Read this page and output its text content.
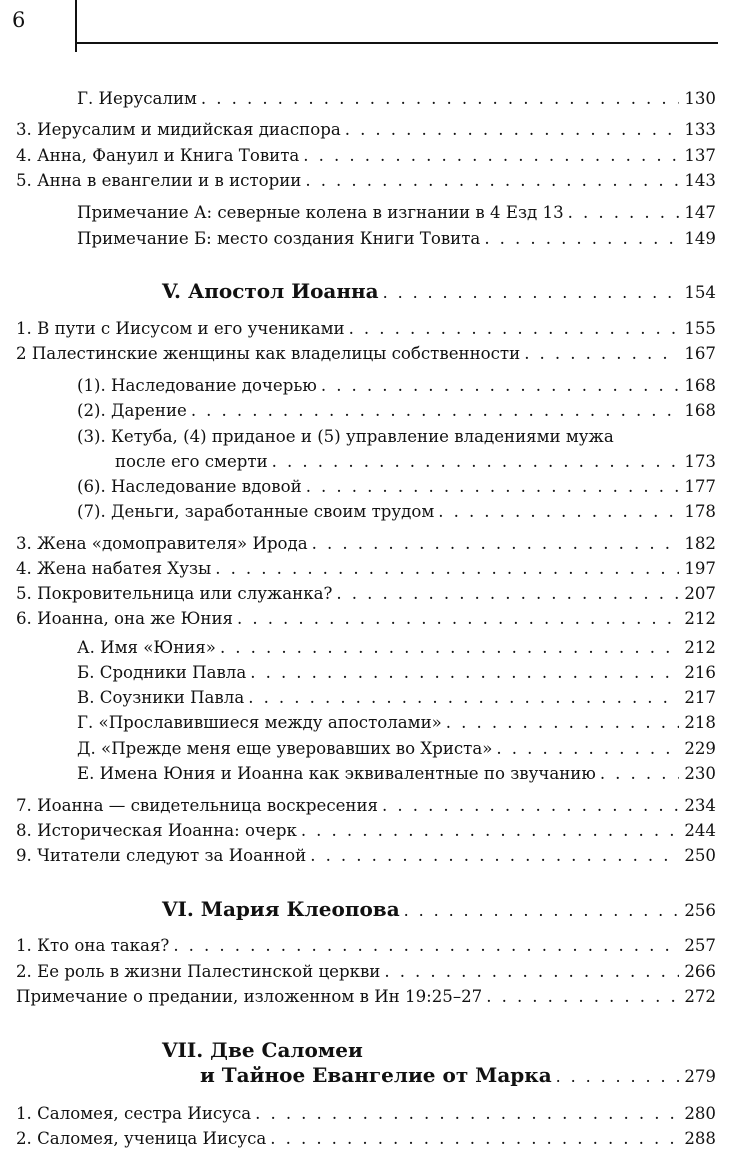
6
Г. Иерусалим . . .	130
3. Иерусалим и мидийская диаспора . . .	133
4. Анна, Фануил и Книга Товита . . .	137
5. Анна в евангелии и в истории . . .	143
Примечание А: северные колена в изгнании в 4 Езд 13 . . .	147
Примечание Б: место создания Книги Товита . . .	149
V. Апостол Иоанна . . .	154
1. В пути с Иисусом и его учениками . . .	155
2 Палестинские женщины как владелицы собственности . . .	167
(1). Наследование дочерью . . .	168
(2). Дарение . . .	168
(3). Кетуба, (4) приданое и (5) управление владениями мужа
после его смерти . . .	173
(6). Наследование вдовой . . .	177
(7). Деньги, заработанные своим трудом . . .	178
3. Жена «домоправителя» Ирода . . .	182
4. Жена набатея Хузы . . .	197
5. Покровительница или служанка? . . .	207
6. Иоанна, она же Юния . . .	212
А. Имя «Юния» . . .	212
Б. Сродники Павла . . .	216
В. Соузники Павла . . .	217
Г. «Прославившиеся между апостолами» . . .	218
Д. «Прежде меня еще уверовавших во Христа» . . .	229
Е. Имена Юния и Иоанна как эквивалентные по звучанию . . .	230
7. Иоанна — свидетельница воскресения . . .	234
8. Историческая Иоанна: очерк . . .	244
9. Читатели следуют за Иоанной . . .	250
VI. Мария Клеопова . . .	256
1. Кто она такая? . . .	257
2. Ее роль в жизни Палестинской церкви . . .	266
Примечание о предании, изложенном в Ин 19:25–27 . . .	272
VII. Две Саломеи
и Тайное Евангелие от Марка . . .	279
1. Саломея, сестра Иисуса . . .	280
2. Саломея, ученица Иисуса . . .	288
